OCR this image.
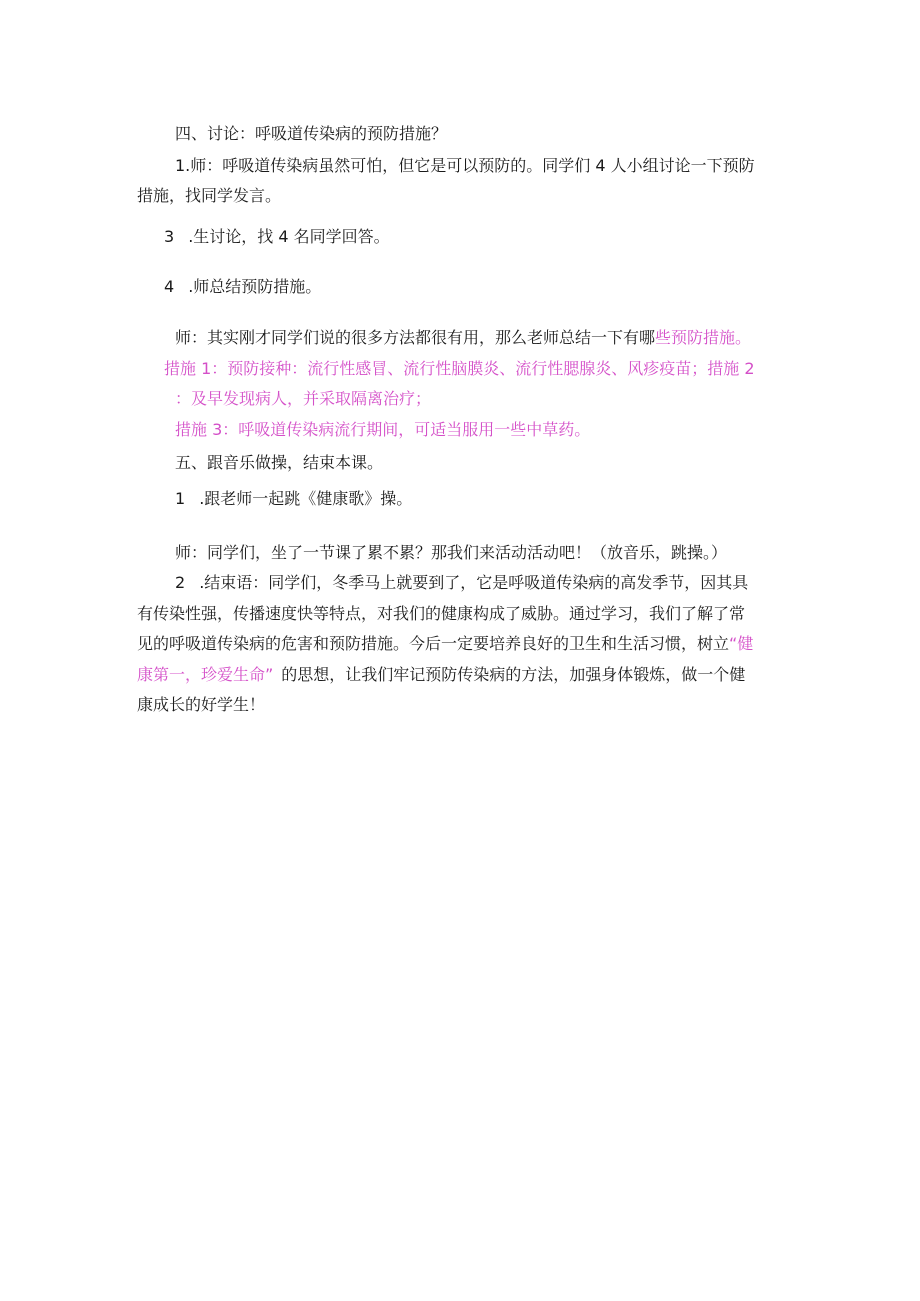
四、讨论：呼吸道传染病的预防措施？
1.师：呼吸道传染病虽然可怕，但它是可以预防的。同学们 4 人小组讨论一下预防
措施，找同学发言。
3 .生讨论，找 4 名同学回答。
4 .师总结预防措施。
师：其实刚才同学们说的很多方法都很有用，那么老师总结一下有哪些预防措施。
措施 1：预防接种：流行性感冒、流行性脑膜炎、流行性腮腺炎、风疹疫苗；措施 2
：及早发现病人，并采取隔离治疗；
措施 3：呼吸道传染病流行期间，可适当服用一些中草药。
五、跟音乐做操，结束本课。
1 .跟老师一起跳《健康歌》操。
师：同学们，坐了一节课了累不累？那我们来活动活动吧！（放音乐，跳操。）
2 .结束语：同学们，冬季马上就要到了，它是呼吸道传染病的高发季节，因其具
有传染性强，传播速度快等特点，对我们的健康构成了威胁。通过学习，我们了解了常
见的呼吸道传染病的危害和预防措施。今后一定要培养良好的卫生和生活习惯，树立“健
康第一，珍爱生命” 的思想，让我们牢记预防传染病的方法，加强身体锻炼，做一个健
康成长的好学生！
